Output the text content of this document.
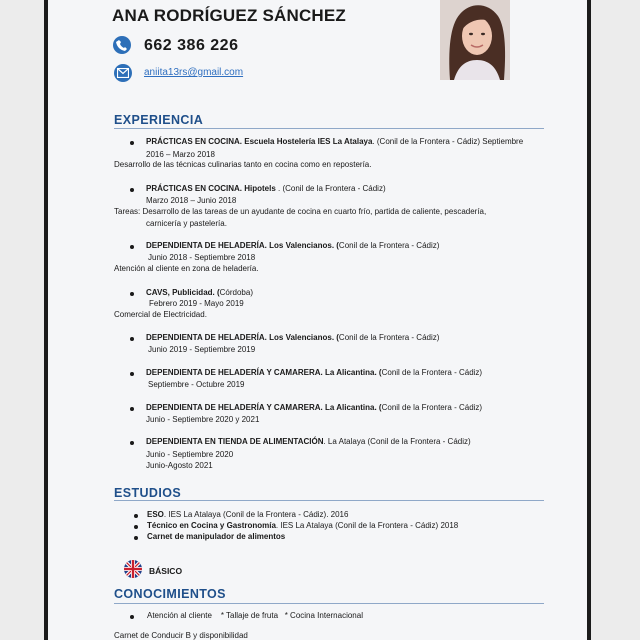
ANA RODRÍGUEZ SÁNCHEZ
662 386 226
aniita13rs@gmail.com
EXPERIENCIA
PRÁCTICAS EN COCINA. Escuela Hostelería IES La Atalaya. (Conil de la Frontera - Cádiz) Septiembre
2016 – Marzo 2018
Desarrollo de las técnicas culinarias tanto en cocina como en repostería.
PRÁCTICAS EN COCINA. Hipotels . (Conil de la Frontera - Cádiz)
Marzo 2018 – Junio 2018
Tareas: Desarrollo de las tareas de un ayudante de cocina en cuarto frío, partida de caliente, pescadería,
carnicería y pastelería.
DEPENDIENTA DE HELADERÍA. Los Valencianos. (Conil de la Frontera - Cádiz)
Junio 2018 - Septiembre 2018
Atención al cliente en zona de heladería.
CAVS, Publicidad. (Córdoba)
Febrero 2019 - Mayo 2019
Comercial de Electricidad.
DEPENDIENTA DE HELADERÍA. Los Valencianos. (Conil de la Frontera - Cádiz)
Junio 2019 - Septiembre 2019
DEPENDIENTA DE HELADERÍA Y CAMARERA. La Alicantina. (Conil de la Frontera - Cádiz)
Septiembre - Octubre 2019
DEPENDIENTA DE HELADERÍA Y CAMARERA. La Alicantina. (Conil de la Frontera - Cádiz)
Junio - Septiembre 2020 y 2021
DEPENDIENTA EN TIENDA DE ALIMENTACIÓN. La Atalaya (Conil de la Frontera - Cádiz)
Junio - Septiembre 2020
Junio-Agosto 2021
ESTUDIOS
ESO. IES La Atalaya (Conil de la Frontera - Cádiz). 2016
Técnico en Cocina y Gastronomía. IES La Atalaya (Conil de la Frontera - Cádiz) 2018
Carnet de manipulador de alimentos
BÁSICO
CONOCIMIENTOS
Atención al cliente    * Tallaje de fruta   * Cocina Internacional
Carnet de Conducir B y disponibilidad
